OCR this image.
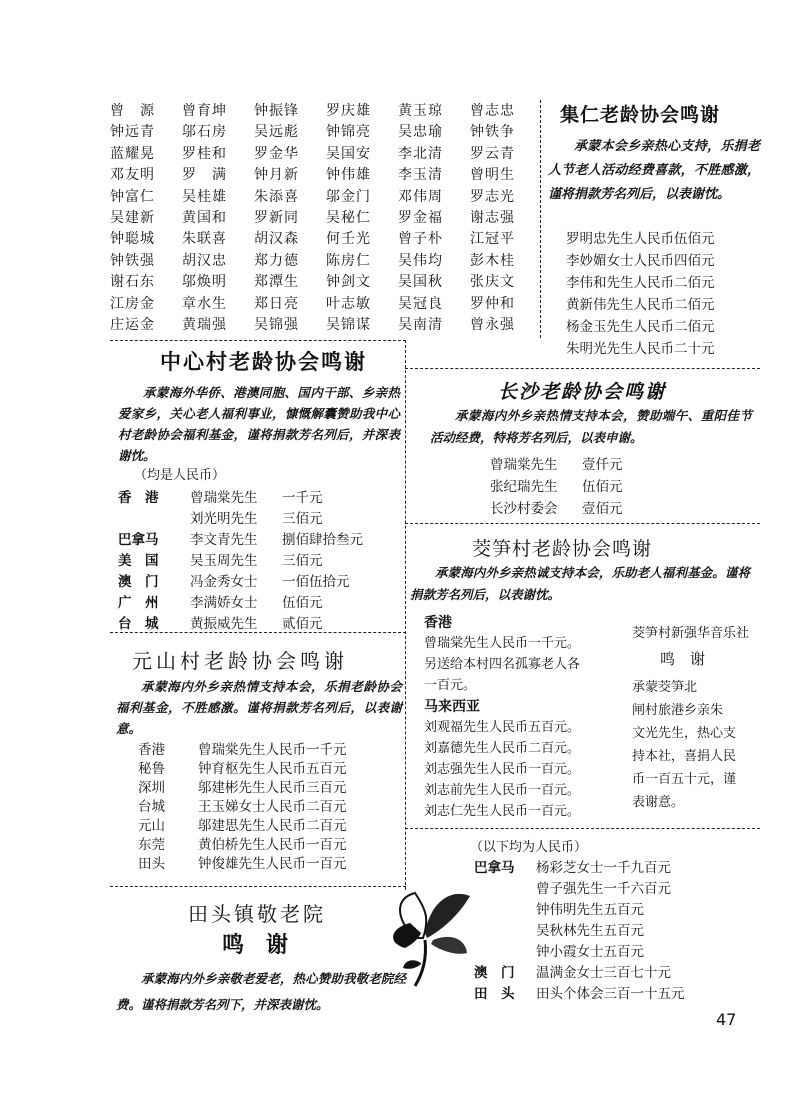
曾　源	曾育坤	钟振锋	罗庆雄	黄玉琼	曾志忠
钟远青	邬石房	吴远彪	钟锦亮	吴忠瑜	钟铁争
蓝耀晃	罗桂和	罗金华	吴国安	李北清	罗云青
邓友明	罗　满	钟月新	钟伟雄	李玉清	曾明生
钟富仁	吴桂雄	朱添喜	邬金门	邓伟周	罗志光
吴建新	黄国和	罗新同	吴秘仁	罗金福	谢志强
钟聪城	朱联喜	胡汉森	何壬光	曾子朴	江冠平
钟铁强	胡汉忠	郑力德	陈房仁	吴伟均	彭木桂
谢石东	邬焕明	郑潭生	钟剑文	吴国秋	张庆文
江房金	章水生	郑日亮	叶志敏	吴冠良	罗仲和
庄运金	黄瑞强	吴锦强	吴锦谋	吴南清	曾永强
集仁老龄协会鸣谢
承蒙本会乡亲热心支持，乐捐老人节老人活动经费喜款，不胜感激，谨将捐款芳名列后，以表谢忱。
罗明忠先生人民币伍佰元
李妙媚女士人民币四佰元
李伟和先生人民币二佰元
黄新伟先生人民币二佰元
杨金玉先生人民币二佰元
朱明光先生人民币二十元
中心村老龄协会鸣谢
承蒙海外华侨、港澳同胞、国内干部、乡亲热爱家乡，关心老人福利事业，慷慨解囊赞助我中心村老龄协会福利基金，谨将捐款芳名列后，并深表谢忱。
（均是人民币）
香　港 曾瑞棠先生 一千元
刘光明先生 三佰元
巴拿马 李文青先生 捌佰肆拾叁元
美　国 吴玉周先生 三佰元
澳　门 冯金秀女士 一佰伍拾元
广　州 李满娇女士 伍佰元
台　城 黄振威先生 贰佰元
长沙老龄协会鸣谢
承蒙海内外乡亲热情支持本会，赞助端午、重阳佳节活动经费，特将芳名列后，以表申谢。
曾瑞棠先生 壹仟元
张纪瑞先生 伍佰元
长沙村委会 壹佰元
茭笋村老龄协会鸣谢
承蒙海内外乡亲热诚支持本会，乐助老人福利基金。谨将捐款芳名列后，以表谢忱。
香港
曾瑞棠先生人民币一千元。
另送给本村四名孤寡老人各
一百元。
马来西亚
刘观福先生人民币五百元。
刘嘉德先生人民币二百元。
刘志强先生人民币一百元。
刘志前先生人民币一百元。
刘志仁先生人民币一百元。
茭笋村新强华音乐社
鸣　谢
承蒙茭笋北
闸村旅港乡亲朱
文光先生，热心支
持本社，喜捐人民
币一百五十元，谨
表谢意。
元山村老龄协会鸣谢
承蒙海内外乡亲热情支持本会，乐捐老龄协会福利基金，不胜感激。谨将捐款芳名列后，以表谢意。
香港 曾瑞棠先生人民币一千元
秘鲁 钟育枢先生人民币五百元
深圳 邬建彬先生人民币三百元
台城 王玉娣女士人民币二百元
元山 邬建思先生人民币二百元
东莞 黄伯桥先生人民币一百元
田头 钟俊雄先生人民币一百元
（以下均为人民币）
巴拿马 杨彩芝女士一千九百元
曾子强先生一千六百元
钟伟明先生五百元
吴秋林先生五百元
钟小霞女士五百元
澳　门 温满金女士三百七十元
田　头 田头个体会三百一十五元
田头镇敬老院
鸣　谢
承蒙海内外乡亲敬老爱老，热心赞助我敬老院经费。谨将捐款芳名列下，并深表谢忱。
47
